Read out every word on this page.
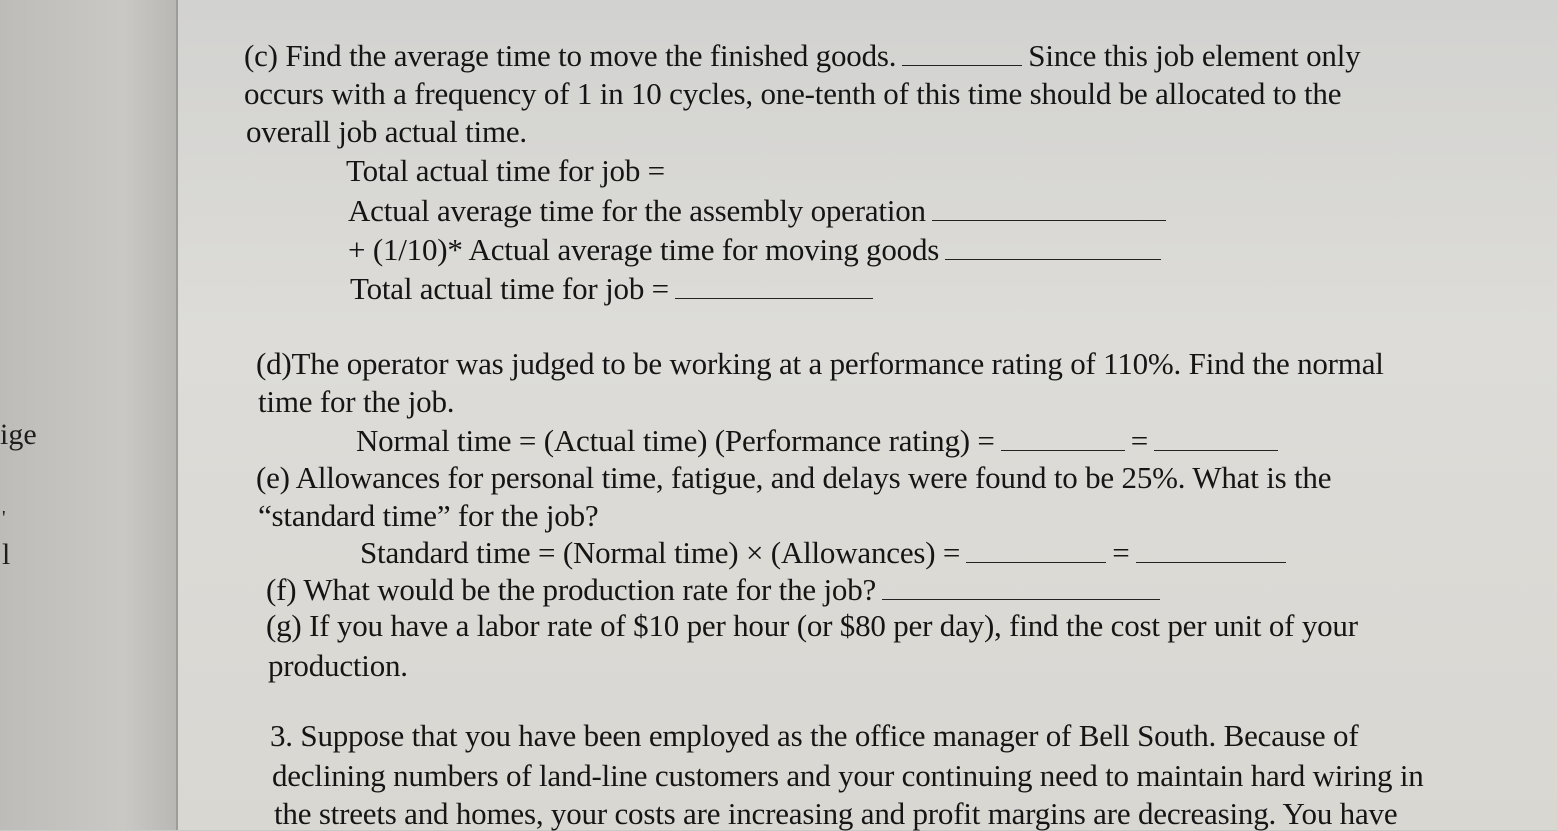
ige
'
l
(c) Find the average time to move the finished goods.	Since this job element only
occurs with a frequency of 1 in 10 cycles, one-tenth of this time should be allocated to the
overall job actual time.
Total actual time for job =
Actual average time for the assembly operation
+ (1/10)* Actual average time for moving goods
Total actual time for job =
(d)The operator was judged to be working at a performance rating of 110%. Find the normal
time for the job.
Normal time = (Actual time) (Performance rating) =	=
(e) Allowances for personal time, fatigue, and delays were found to be 25%. What is the
“standard time” for the job?
Standard time = (Normal time) × (Allowances) =	=
(f) What would be the production rate for the job?
(g) If you have a labor rate of $10 per hour (or $80 per day), find the cost per unit of your
production.
3. Suppose that you have been employed as the office manager of Bell South. Because of
declining numbers of land-line customers and your continuing need to maintain hard wiring in
the streets and homes, your costs are increasing and profit margins are decreasing. You have
